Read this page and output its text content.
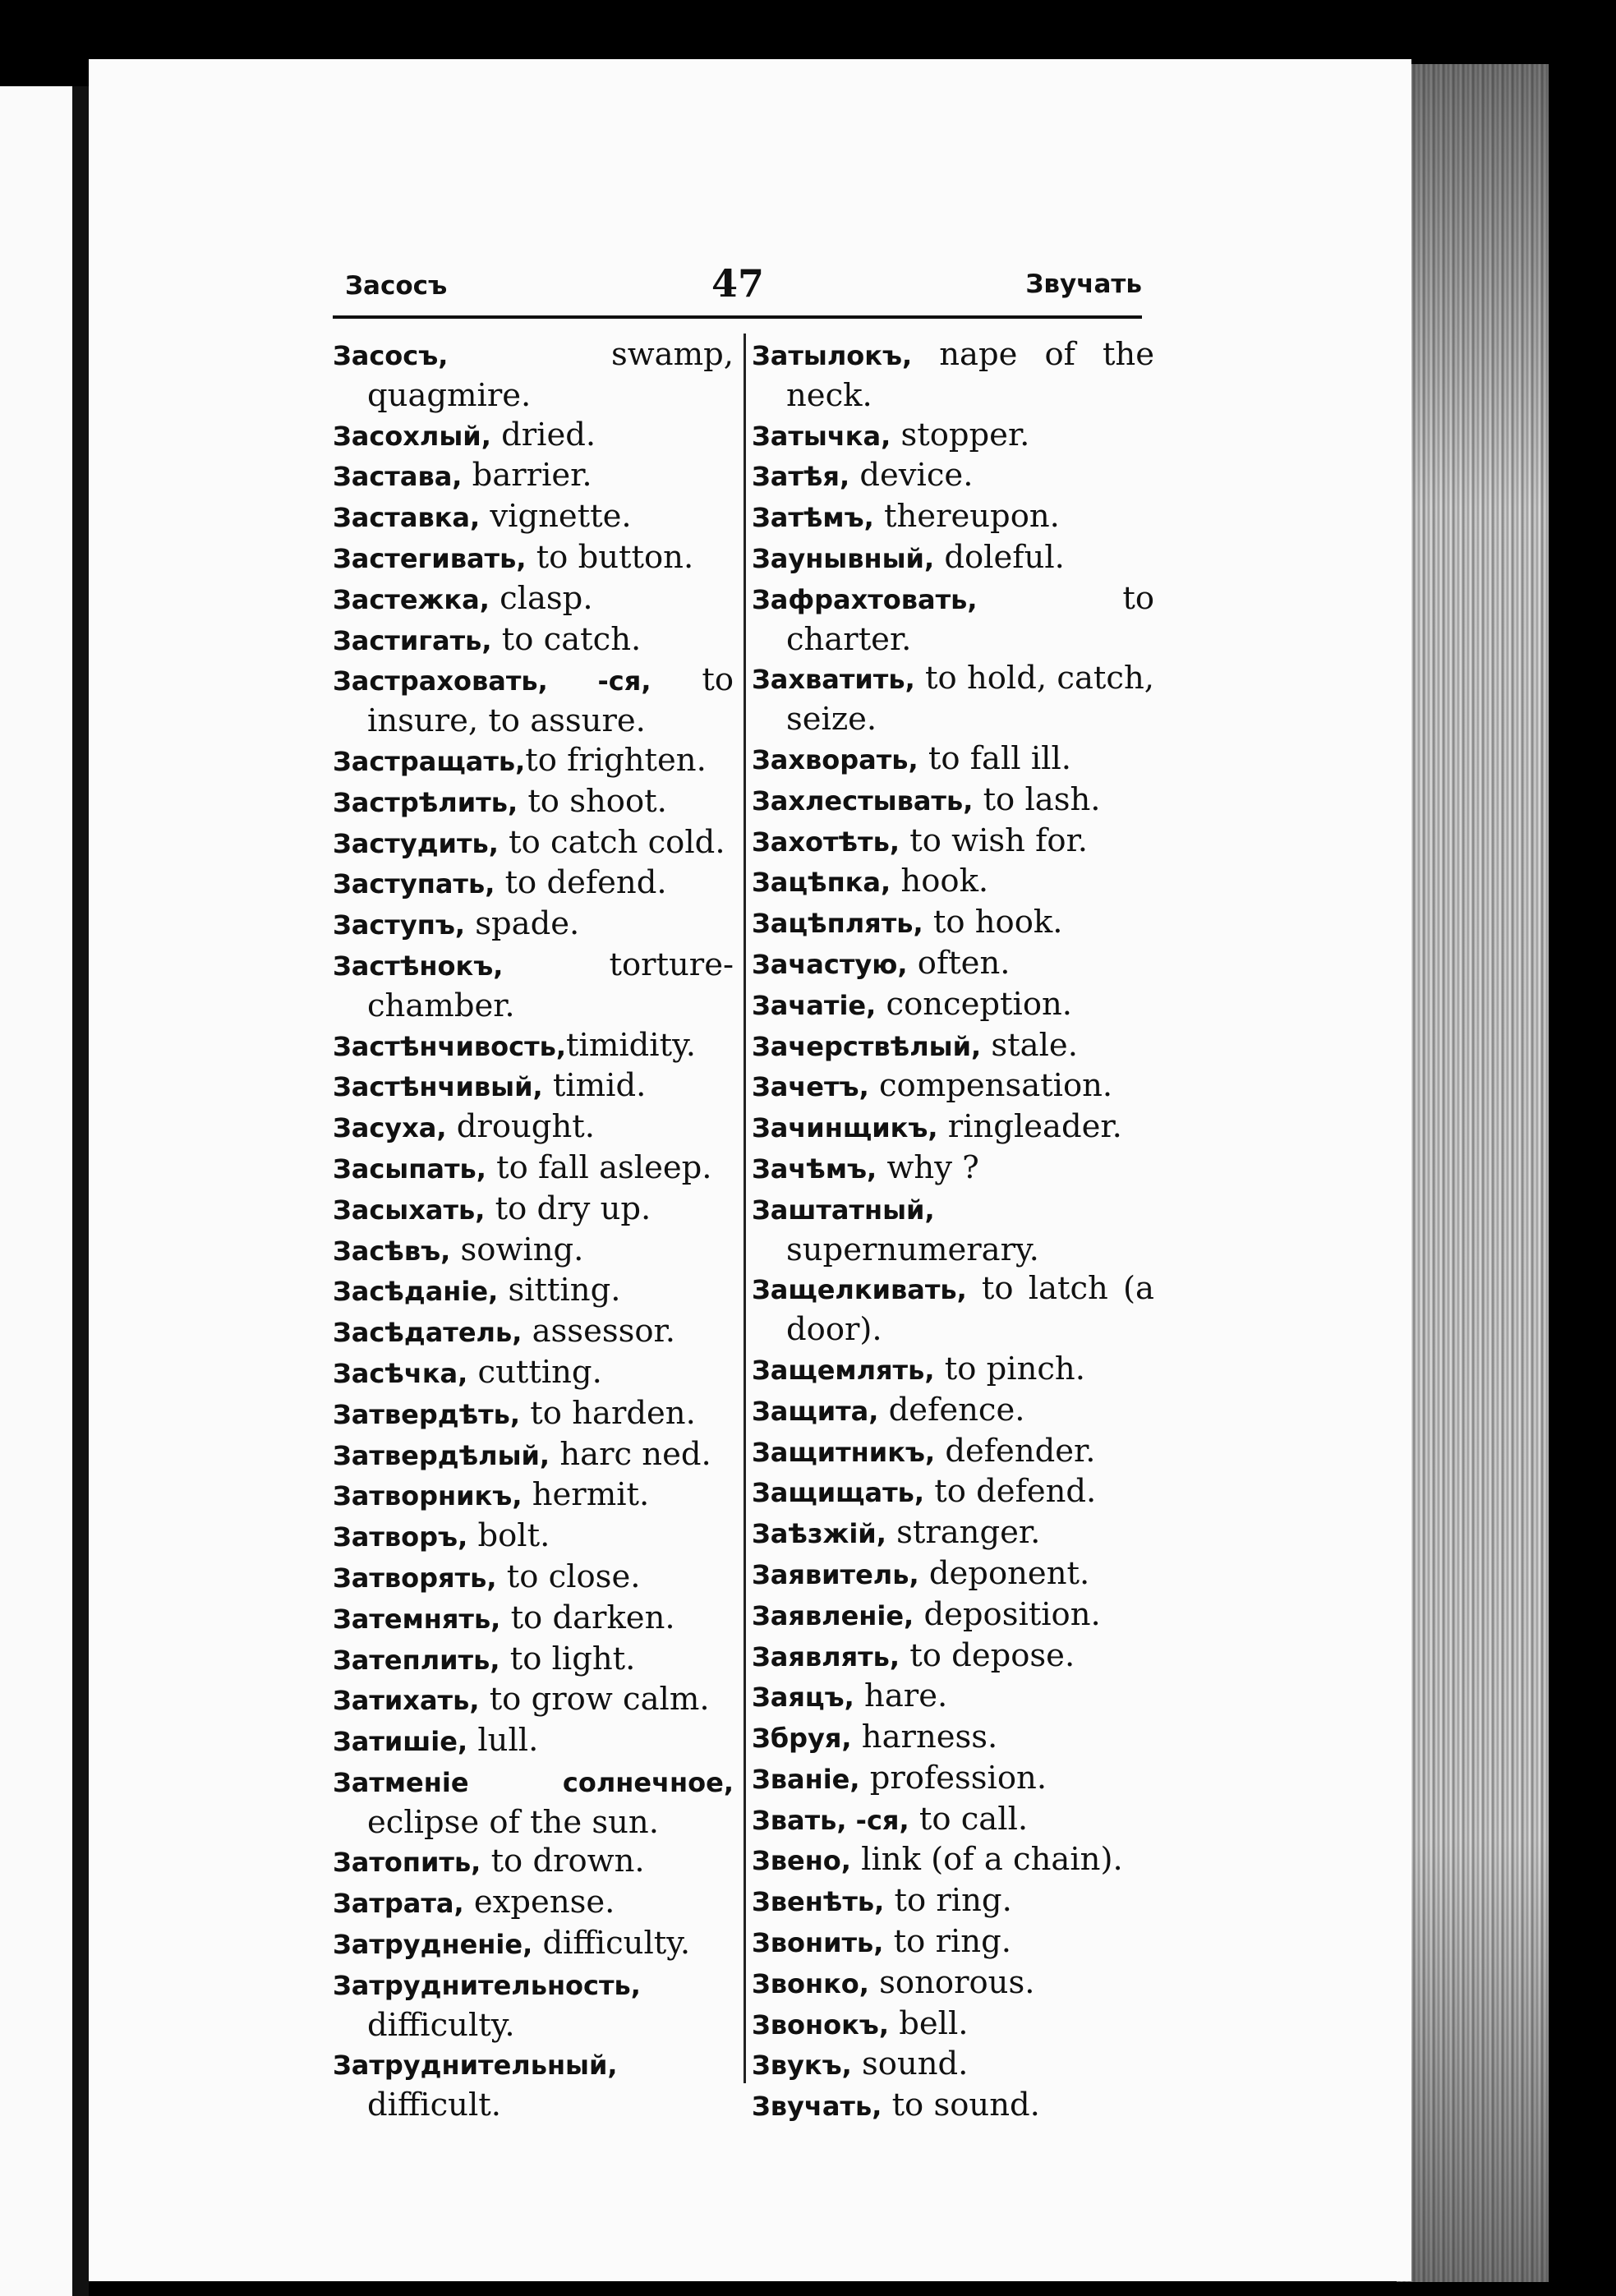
Засосъ	47	Звучать
Засосъ, swamp, quagmire.
Засохлый, dried.
Застава, barrier.
Заставка, vignette.
Застегивать, to button.
Застежка, clasp.
Застигать, to catch.
Застраховать, -ся, to insure, to assure.
Застращать,to frighten.
Застрѣлить, to shoot.
Застудить, to catch cold.
Заступать, to defend.
Заступъ, spade.
Застѣнокъ, torture-chamber.
Застѣнчивость,timidity.
Застѣнчивый, timid.
Засуха, drought.
Засыпать, to fall asleep.
Засыхать, to dry up.
Засѣвъ, sowing.
Засѣданіе, sitting.
Засѣдатель, assessor.
Засѣчка, cutting.
Затвердѣть, to harden.
Затвердѣлый, harc ned.
Затворникъ, hermit.
Затворъ, bolt.
Затворять, to close.
Затемнять, to darken.
Затеплить, to light.
Затихать, to grow calm.
Затишіе, lull.
Затменіе солнечное, eclipse of the sun.
Затопить, to drown.
Затрата, expense.
Затрудненіе, difficulty.
Затруднительность, difficulty.
Затруднительный, difficult.
Затылокъ, nape of the neck.
Затычка, stopper.
Затѣя, device.
Затѣмъ, thereupon.
Заунывный, doleful.
Зафрахтовать, to charter.
Захватить, to hold, catch, seize.
Захворать, to fall ill.
Захлестывать, to lash.
Захотѣть, to wish for.
Зацѣпка, hook.
Зацѣплять, to hook.
Зачастую, often.
Зачатіе, conception.
Зачерствѣлый, stale.
Зачетъ, compensation.
Зачинщикъ, ringleader.
Зачѣмъ, why ?
Заштатный, supernumerary.
Защелкивать, to latch (a door).
Защемлять, to pinch.
Защита, defence.
Защитникъ, defender.
Защищать, to defend.
Заѣзжій, stranger.
Заявитель, deponent.
Заявленіе, deposition.
Заявлять, to depose.
Заяцъ, hare.
Збруя, harness.
Званіе, profession.
Звать, -ся, to call.
Звено, link (of a chain).
Звенѣть, to ring.
Звонить, to ring.
Звонко, sonorous.
Звонокъ, bell.
Звукъ, sound.
Звучать, to sound.
